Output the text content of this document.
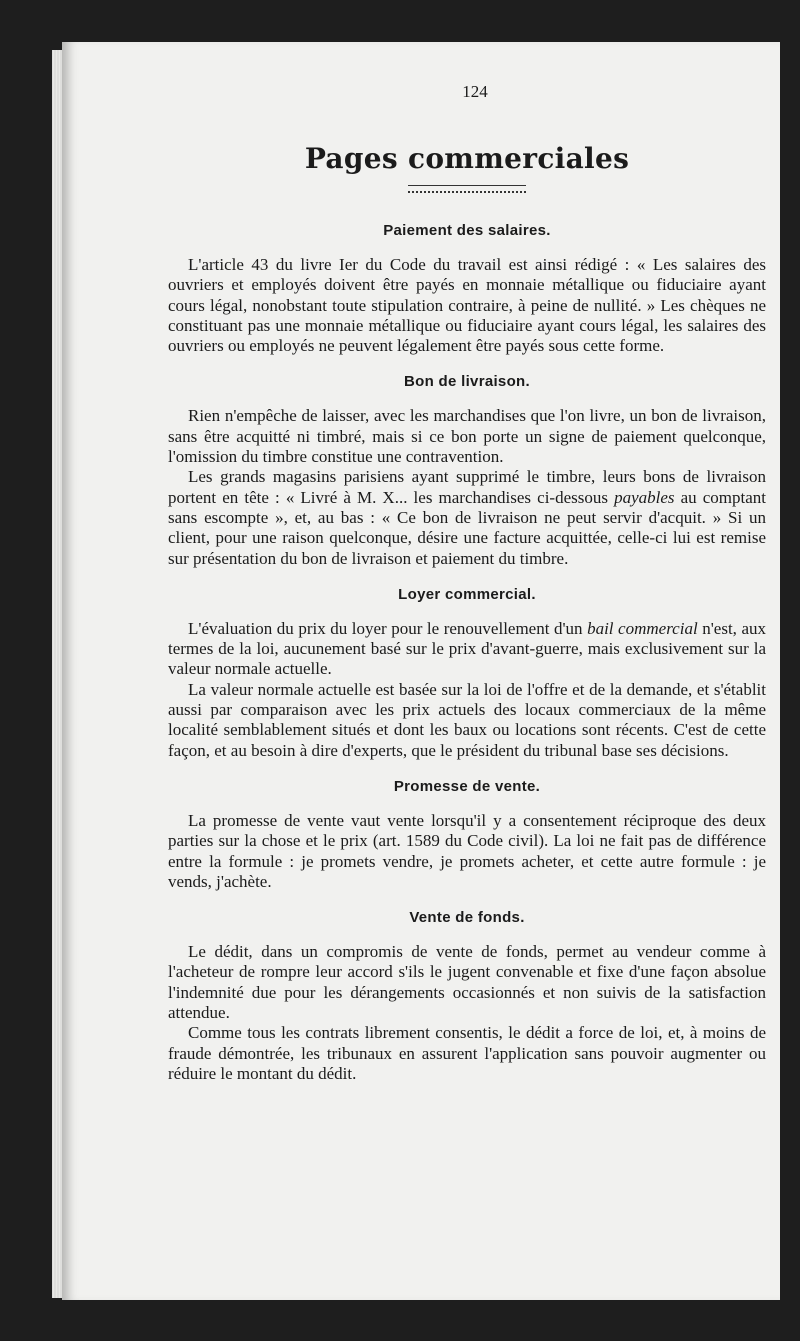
124
Pages commerciales
Paiement des salaires.

L'article 43 du livre Ier du Code du travail est ainsi rédigé : « Les salaires des ouvriers et employés doivent être payés en monnaie métallique ou fiduciaire ayant cours légal, nonobstant toute stipulation contraire, à peine de nullité. » Les chèques ne constituant pas une monnaie métallique ou fiduciaire ayant cours légal, les salaires des ouvriers ou employés ne peuvent légalement être payés sous cette forme.

Bon de livraison.

Rien n'empêche de laisser, avec les marchandises que l'on livre, un bon de livraison, sans être acquitté ni timbré, mais si ce bon porte un signe de paiement quelconque, l'omission du timbre constitue une contravention.

Les grands magasins parisiens ayant supprimé le timbre, leurs bons de livraison portent en tête : « Livré à M. X... les marchandises ci-dessous payables au comptant sans escompte », et, au bas : « Ce bon de livraison ne peut servir d'acquit. » Si un client, pour une raison quelconque, désire une facture acquittée, celle-ci lui est remise sur présentation du bon de livraison et paiement du timbre.

Loyer commercial.

L'évaluation du prix du loyer pour le renouvellement d'un bail commercial n'est, aux termes de la loi, aucunement basé sur le prix d'avant-guerre, mais exclusivement sur la valeur normale actuelle.

La valeur normale actuelle est basée sur la loi de l'offre et de la demande, et s'établit aussi par comparaison avec les prix actuels des locaux commerciaux de la même localité semblablement situés et dont les baux ou locations sont récents. C'est de cette façon, et au besoin à dire d'experts, que le président du tribunal base ses décisions.

Promesse de vente.

La promesse de vente vaut vente lorsqu'il y a consentement réciproque des deux parties sur la chose et le prix (art. 1589 du Code civil). La loi ne fait pas de différence entre la formule : je promets vendre, je promets acheter, et cette autre formule : je vends, j'achète.

Vente de fonds.

Le dédit, dans un compromis de vente de fonds, permet au vendeur comme à l'acheteur de rompre leur accord s'ils le jugent convenable et fixe d'une façon absolue l'indemnité due pour les dérangements occasionnés et non suivis de la satisfaction attendue.

Comme tous les contrats librement consentis, le dédit a force de loi, et, à moins de fraude démontrée, les tribunaux en assurent l'application sans pouvoir augmenter ou réduire le montant du dédit.
